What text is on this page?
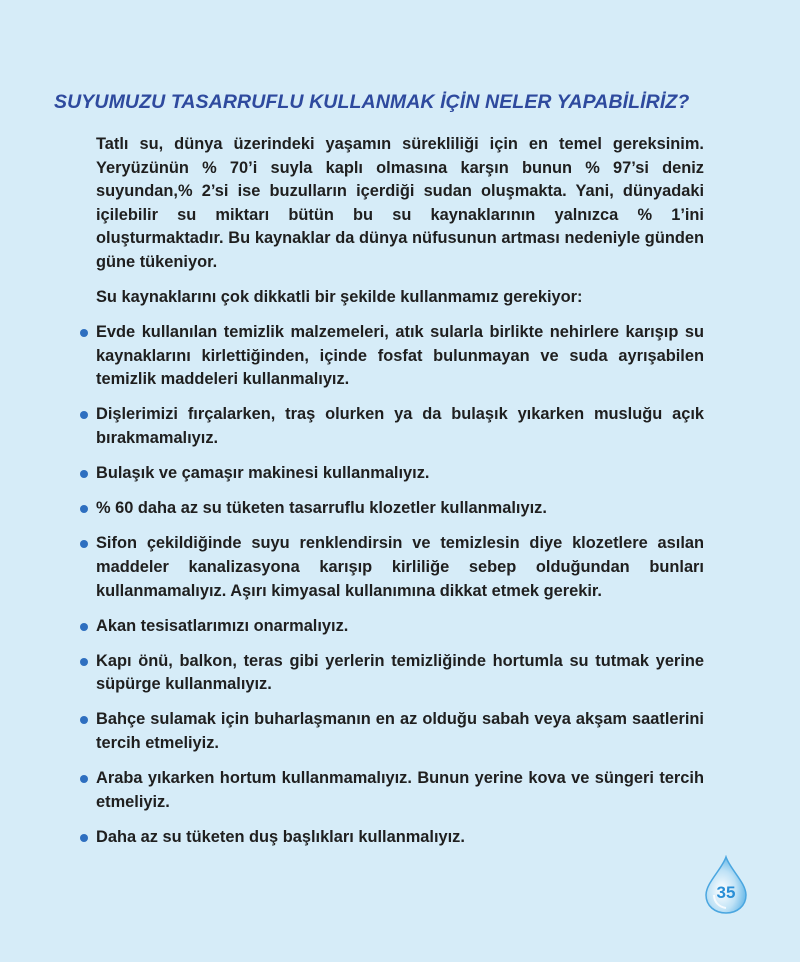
SUYUMUZU TASARRUFLU KULLANMAK İÇİN NELER YAPABİLİRİZ?

Tatlı su, dünya üzerindeki yaşamın sürekliliği için en temel gereksinim. Yeryüzünün % 70’i suyla kaplı olmasına karşın bunun % 97’si deniz suyundan,% 2’si ise buzulların içerdiği sudan oluşmakta. Yani, dünyadaki içilebilir su miktarı bütün bu su kaynaklarının yalnızca % 1’ini oluşturmaktadır. Bu kaynaklar da dünya nüfusunun artması nedeniyle günden güne tükeniyor.

Su kaynaklarını çok dikkatli bir şekilde kullanmamız gerekiyor:

Evde kullanılan temizlik malzemeleri, atık sularla birlikte nehirlere karışıp su kaynaklarını kirlettiğinden, içinde fosfat bulunmayan ve suda ayrışabilen temizlik maddeleri kullanmalıyız.
Dişlerimizi fırçalarken, traş olurken ya da bulaşık yıkarken musluğu açık bırakmamalıyız.
Bulaşık ve çamaşır makinesi kullanmalıyız.
% 60 daha az su tüketen tasarruflu klozetler kullanmalıyız.
Sifon çekildiğinde suyu renklendirsin ve temizlesin diye klozetlere asılan maddeler kanalizasyona karışıp kirliliğe sebep olduğundan bunları kullanmamalıyız. Aşırı kimyasal kullanımına dikkat etmek gerekir.
Akan tesisatlarımızı onarmalıyız.
Kapı önü, balkon, teras gibi yerlerin temizliğinde hortumla su tutmak yerine süpürge kullanmalıyız.
Bahçe sulamak için buharlaşmanın en az olduğu sabah veya akşam saatlerini tercih etmeliyiz.
Araba yıkarken hortum kullanmamalıyız. Bunun yerine kova ve süngeri tercih etmeliyiz.
Daha az su tüketen duş başlıkları kullanmalıyız.
35
